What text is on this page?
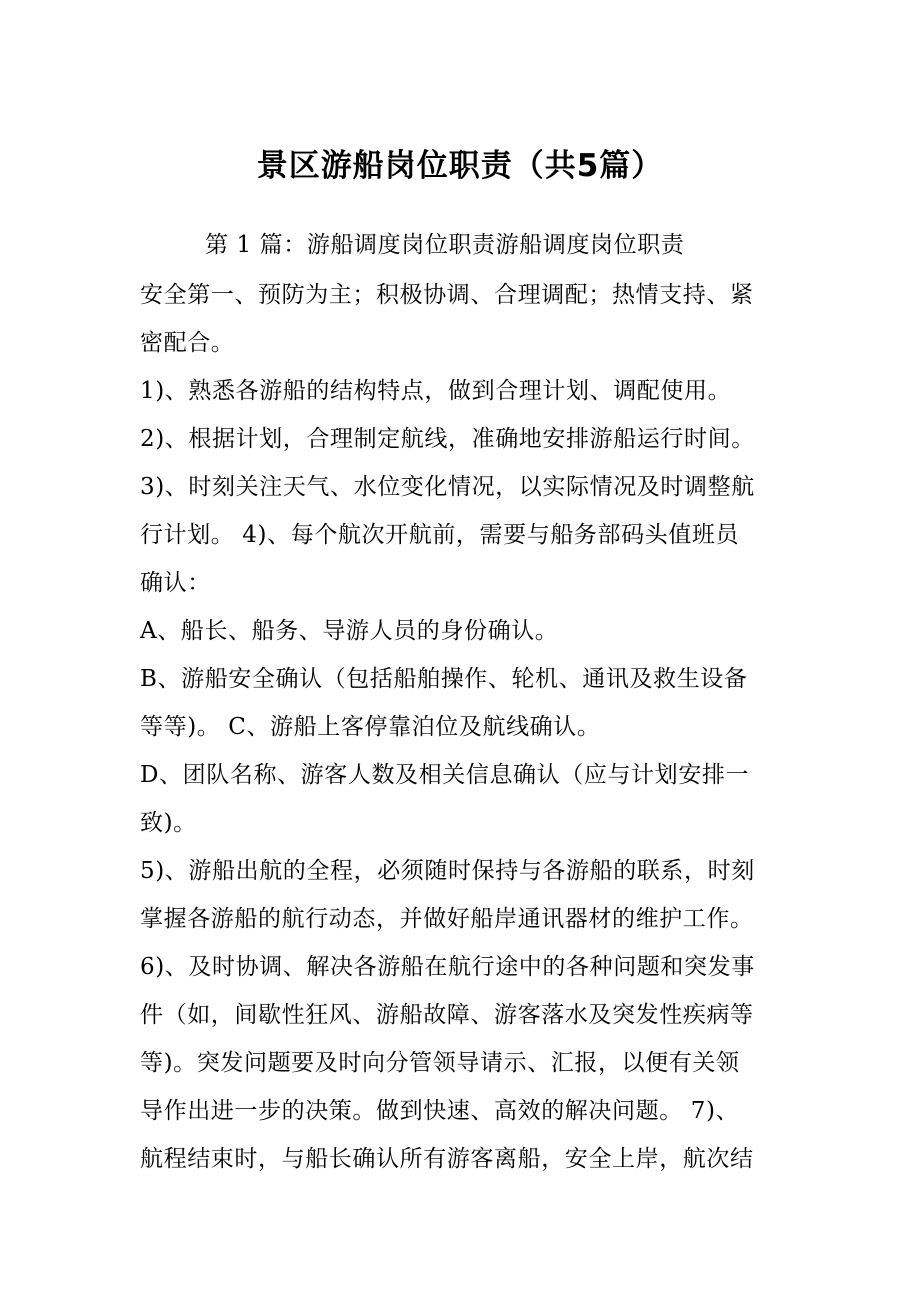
景区游船岗位职责（共5篇）
第 1 篇：游船调度岗位职责游船调度岗位职责
安全第一、预防为主；积极协调、合理调配；热情支持、紧
密配合。
1)、熟悉各游船的结构特点，做到合理计划、调配使用。
2)、根据计划，合理制定航线，准确地安排游船运行时间。
3)、时刻关注天气、水位变化情况，以实际情况及时调整航
行计划。 4)、每个航次开航前，需要与船务部码头值班员
确认：
A、船长、船务、导游人员的身份确认。
B、游船安全确认（包括船舶操作、轮机、通讯及救生设备
等等)。 C、游船上客停靠泊位及航线确认。
D、团队名称、游客人数及相关信息确认（应与计划安排一
致)。
5)、游船出航的全程，必须随时保持与各游船的联系，时刻
掌握各游船的航行动态，并做好船岸通讯器材的维护工作。
6)、及时协调、解决各游船在航行途中的各种问题和突发事
件（如，间歇性狂风、游船故障、游客落水及突发性疾病等
等)。突发问题要及时向分管领导请示、汇报，以便有关领
导作出进一步的决策。做到快速、高效的解决问题。 7)、
航程结束时，与船长确认所有游客离船，安全上岸，航次结
